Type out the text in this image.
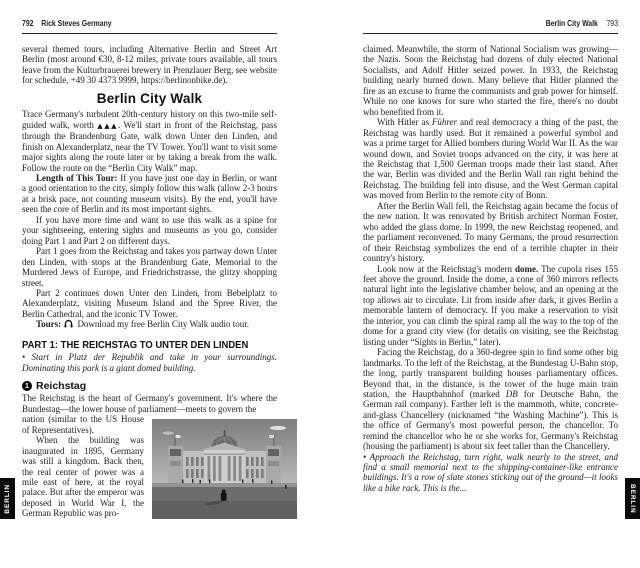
792 Rick Steves Germany

several themed tours, including Alternative Berlin and Street Art Berlin (most around €30, 8-12 miles, private tours available, all tours leave from the Kulturbrauerei brewery in Prenzlauer Berg, see website for schedule, +49 30 4373 9999, https://berlinonbike.de).

Berlin City Walk

Trace Germany's turbulent 20th-century history on this two-mile self-guided walk, worth ▲▲▲. We'll start in front of the Reichstag, pass through the Brandenburg Gate, walk down Unter den Linden, and finish on Alexanderplatz, near the TV Tower. You'll want to visit some major sights along the route later or by taking a break from the walk. Follow the route on the “Berlin City Walk” map.

Length of This Tour: If you have just one day in Berlin, or want a good orientation to the city, simply follow this walk (allow 2-3 hours at a brisk pace, not counting museum visits). By the end, you'll have seen the core of Berlin and its most important sights.

If you have more time and want to use this walk as a spine for your sightseeing, entering sights and museums as you go, consider doing Part 1 and Part 2 on different days.

Part 1 goes from the Reichstag and takes you partway down Unter den Linden, with stops at the Brandenburg Gate, Memorial to the Murdered Jews of Europe, and Friedrichstrasse, the glitzy shopping street.

Part 2 continues down Unter den Linden, from Bebelplatz to Alexanderplatz, visiting Museum Island and the Spree River, the Berlin Cathedral, and the iconic TV Tower.

Tours: Download my free Berlin City Walk audio tour.

PART 1: THE REICHSTAG TO UNTER DEN LINDEN

• Start in Platz der Republik and take in your surroundings. Dominating this park is a giant domed building.

1 Reichstag

The Reichstag is the heart of Germany's government. It's where the Bundestag—the lower house of parliament—meets to govern the

nation (similar to the US House of Representatives).

When the building was inaugurated in 1895, Germany was still a kingdom. Back then, the real center of power was a mile east of here, at the royal palace. But after the emperor was deposed in World War I, the German Republic was pro-

BERLIN
Berlin City Walk 793

claimed. Meanwhile, the storm of National Socialism was growing—the Nazis. Soon the Reichstag had dozens of duly elected National Socialists, and Adolf Hitler seized power. In 1933, the Reichstag building nearly burned down. Many believe that Hitler planned the fire as an excuse to frame the communists and grab power for himself. While no one knows for sure who started the fire, there's no doubt who benefited from it.

With Hitler as Führer and real democracy a thing of the past, the Reichstag was hardly used. But it remained a powerful symbol and was a prime target for Allied bombers during World War II. As the war wound down, and Soviet troops advanced on the city, it was here at the Reichstag that 1,500 German troops made their last stand. After the war, Berlin was divided and the Berlin Wall ran right behind the Reichstag. The building fell into disuse, and the West German capital was moved from Berlin to the remote city of Bonn.

After the Berlin Wall fell, the Reichstag again became the focus of the new nation. It was renovated by British architect Norman Foster, who added the glass dome. In 1999, the new Reichstag reopened, and the parliament reconvened. To many Germans, the proud resurrection of their Reichstag symbolizes the end of a terrible chapter in their country's history.

Look now at the Reichstag's modern dome. The cupola rises 155 feet above the ground. Inside the dome, a cone of 360 mirrors reflects natural light into the legislative chamber below, and an opening at the top allows air to circulate. Lit from inside after dark, it gives Berlin a memorable lantern of democracy. If you make a reservation to visit the interior, you can climb the spiral ramp all the way to the top of the dome for a grand city view (for details on visiting, see the Reichstag listing under “Sights in Berlin,” later).

Facing the Reichstag, do a 360-degree spin to find some other big landmarks. To the left of the Reichstag, at the Bundestag U-Bahn stop, the long, partly transparent building houses parliamentary offices. Beyond that, in the distance, is the tower of the huge main train station, the Hauptbahnhof (marked DB for Deutsche Bahn, the German rail company). Farther left is the mammoth, white, concrete-and-glass Chancellery (nicknamed “the Washing Machine”). This is the office of Germany's most powerful person, the chancellor. To remind the chancellor who he or she works for, Germany's Reichstag (housing the parliament) is about six feet taller than the Chancellery.

• Approach the Reichstag, turn right, walk nearly to the street, and find a small memorial next to the shipping-container-like entrance buildings. It's a row of slate stones sticking out of the ground—it looks like a bike rack. This is the...	BERLIN
